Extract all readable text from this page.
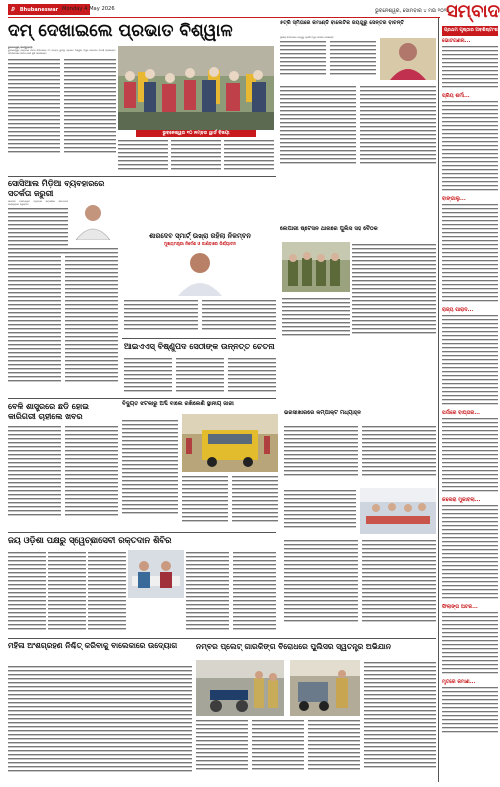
୬ Bhubaneswar Monday 4 May 2026	ଭୁବନେଶ୍ୱର, ସୋମବାର ୪ ମଇ ୨୦୨୬
ସମ୍ବାଦ
ଦମ୍ ଦେଖାଇଲେ ପ୍ରଭାତ ବିଶ୍ୱାଳ
ଭୁବନେଶ୍ୱର,୩ା୫(ବ୍ୟୁରୋ)
ଭୁବନେଶ୍ୱର ମହାନଗର ନିଗମ ନିର୍ବାଚନରେ ୧୦ ନମ୍ବର ୱାର୍ଡରୁ ପ୍ରଭାତ ବିଶ୍ୱାଳ ବିପୁଳ ଭୋଟରେ ବିଜୟୀ ହୋଇଛନ୍ତି। ସମର୍ଥକମାନେ ଆବିର ଖେଳି ଖୁସି ମନାଇଛନ୍ତି।
ଭୁବନେଶ୍ୱର ୧୦ ନମ୍ବର ୱାର୍ଡ ବିଜୟୀ
୫ଟ୍ରି ସ୍ମିତାରେ କମାଣ୍ଡି ବାଲେଟିକ ଜୟଗୁରୁ ସେନ୍ତର ବାଚନ୍ତି
ସ୍ଥାନୀୟ ନିର୍ବାଚନରେ ଜୟଗୁରୁ ପ୍ରାର୍ଥୀ ବିପୁଳ ସମର୍ଥନ ପାଇଛନ୍ତି।
ସୋସିଆଲ ମିଡ଼ିଆ ବ୍ୟବହାରରେ ସତର୍କତା ଜରୁରୀ
ସାମାଜିକ ଗଣମାଧ୍ୟମ ବ୍ୟବହାର ସମ୍ପର୍କରେ ସଚେତନତା କାର୍ଯ୍ୟକ୍ରମ ଅନୁଷ୍ଠିତ।
ଶାରଦେବ ସ୍ମାର୍ଟ୍ ଉଖ୍ରା ରହିଲା ନିଳମ୍ବନ
ମୁଖ୍ୟମନ୍ତ୍ରୀ ନିର୍ଦ୍ଦେଶ ଓ ଜାଣିବାରେ ନିର୍ଯ୍ୟାତନ
ଆଇଏଏସ୍ ବିଷ୍ଣୁପଦ ସେଠୀଙ୍କ ଉନ୍ନତ୍ତ ଚେତନା
ଲେପାରୀ ଷ୍ଟେସନ ଥାନାରେ ପୁଲିସ ସହ ବୈଠକ
ବେଳି ଶାସ୍ତ୍ରରେ ଛଡି ହୋଇ କାରିଗରୀ ଚାହୀଲେ ଖବର
ବିଦ୍ୟୁତ ଝଟକାରୁ ଅବ୍ଦି ବାଲେ ରଖିଲେଣି ସ୍ଥାନୀୟ ଜାରୀ
ଭରସାଖାରରେ କମ୍ପାକ୍ଟ ମଧ୍ୟାହ୍ନ
ଜୟ ଓଡ଼ିଶା ପକ୍ଷରୁ ସ୍ୱେଚ୍ଛାସେବୀ ରକ୍ତଦାନ ଶିବିର
ମହିଳା ଅଂଶଗ୍ରହଣ ନିଶ୍ଚିତ୍ କରିବାକୁ ବାଲେକାରେ ଉଦ୍ୟୋଗ	ନମ୍ବର ପ୍ଲେଟ୍ ଗାରକିଙ୍ଗ ବିରୋଧରେ ପୁଲିସର ସ୍ୱତନ୍ତ୍ର ଅଭିଯାନ
ପ୍ରଥମ ପୃଷ୍ଠାର ଅବଶିଷ୍ଟାଂଶ
ଭୋଟଗଣନା...
ପ୍ରିୟ ଶର୍ମା...
ବାଙ୍ଗାଲୁ...
ରାଜ୍ୟ ପାରାଦ...
ପର୍ଦ୍ଦାରେ ବାଘ୍ତାର...
କଲେରା ମୁକାବଲା...
ଫିଲାଙ୍ଗ ଅଟକ...
ମୃତରେ କମାଣ...
